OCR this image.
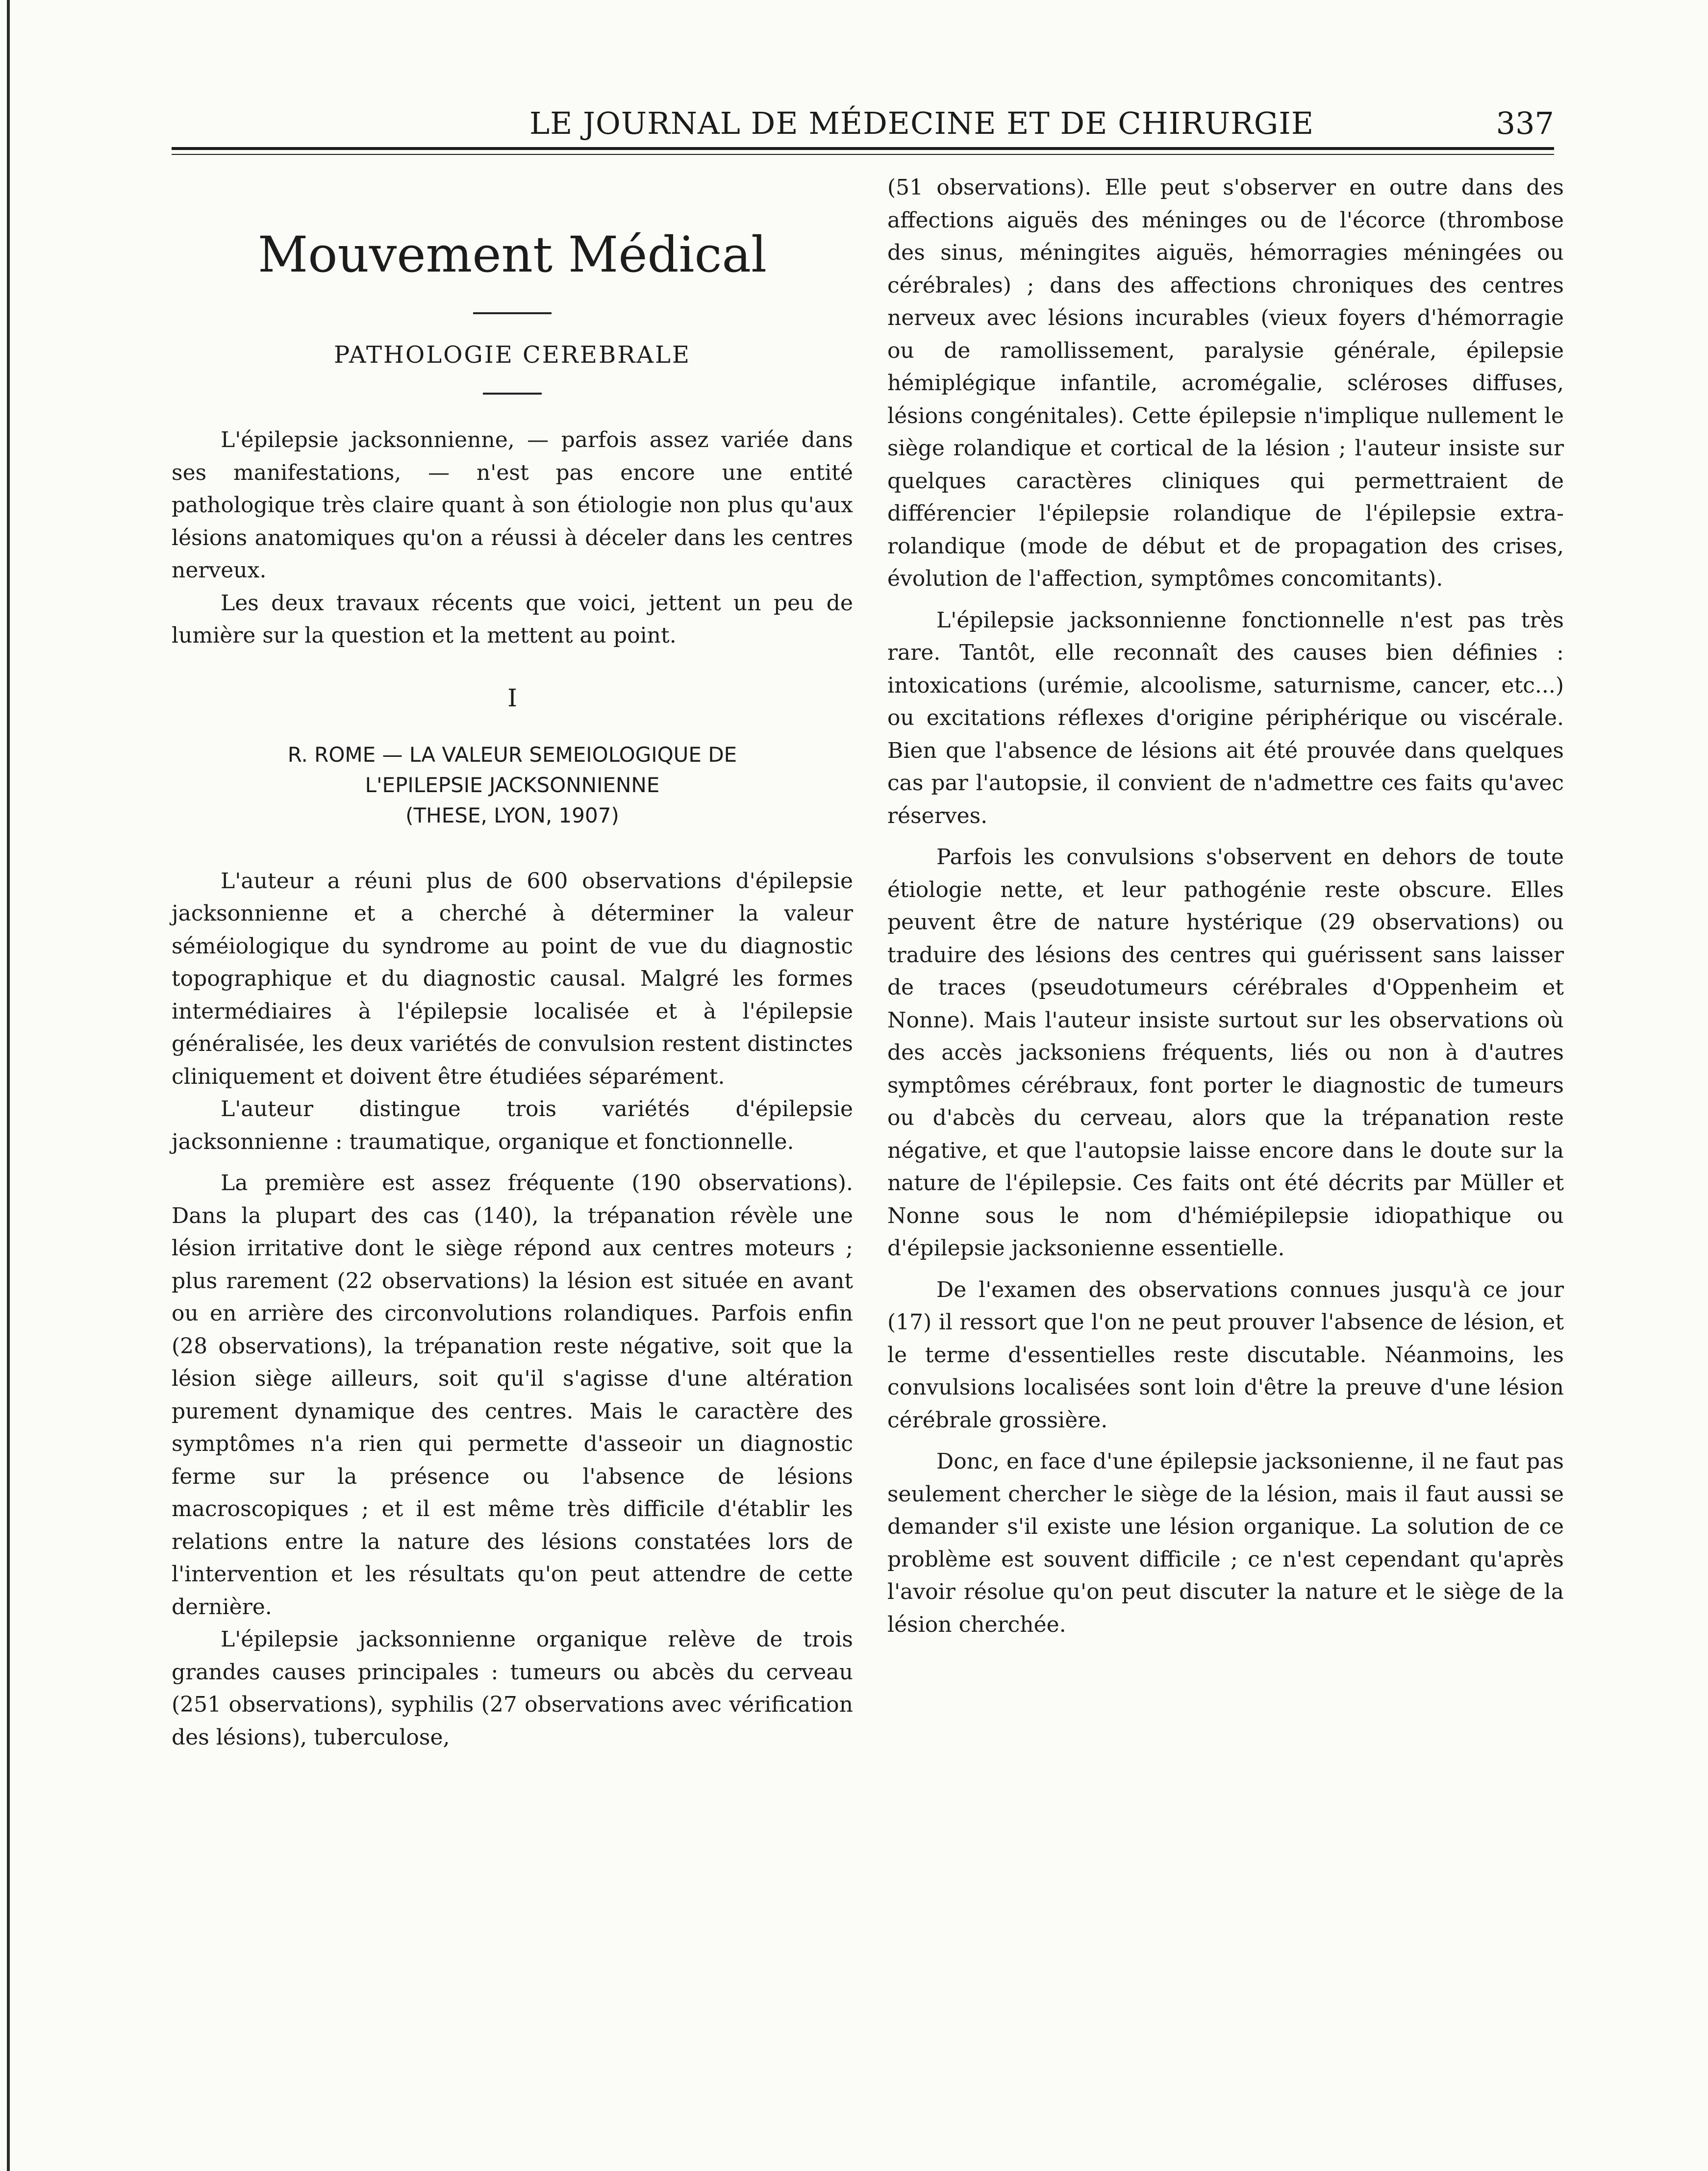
LE JOURNAL DE MÉDECINE ET DE CHIRURGIE	337
Mouvement Médical
PATHOLOGIE CEREBRALE

L'épilepsie jacksonnienne, — parfois assez variée dans ses manifestations, — n'est pas encore une entité pathologique très claire quant à son étiologie non plus qu'aux lésions anatomiques qu'on a réussi à déceler dans les centres nerveux.

Les deux travaux récents que voici, jettent un peu de lumière sur la question et la mettent au point.

I
R. ROME — LA VALEUR SEMEIOLOGIQUE DE
L'EPILEPSIE JACKSONNIENNE
(THESE, LYON, 1907)

L'auteur a réuni plus de 600 observations d'épilepsie jacksonnienne et a cherché à déterminer la valeur séméiologique du syndrome au point de vue du diagnostic topographique et du diagnostic causal. Malgré les formes intermédiaires à l'épilepsie localisée et à l'épilepsie généralisée, les deux variétés de convulsion restent distinctes cliniquement et doivent être étudiées séparément.

L'auteur distingue trois variétés d'épilepsie jacksonnienne : traumatique, organique et fonctionnelle.

La première est assez fréquente (190 observations). Dans la plupart des cas (140), la trépanation révèle une lésion irritative dont le siège répond aux centres moteurs ; plus rarement (22 observations) la lésion est située en avant ou en arrière des circonvolutions rolandiques. Parfois enfin (28 observations), la trépanation reste négative, soit que la lésion siège ailleurs, soit qu'il s'agisse d'une altération purement dynamique des centres. Mais le caractère des symptômes n'a rien qui permette d'asseoir un diagnostic ferme sur la présence ou l'absence de lésions macroscopiques ; et il est même très difficile d'établir les relations entre la nature des lésions constatées lors de l'intervention et les résultats qu'on peut attendre de cette dernière.

L'épilepsie jacksonnienne organique relève de trois grandes causes principales : tumeurs ou abcès du cerveau (251 observations), syphilis (27 observations avec vérification des lésions), tuberculose,

(51 observations). Elle peut s'observer en outre dans des affections aiguës des méninges ou de l'écorce (thrombose des sinus, méningites aiguës, hémorragies méningées ou cérébrales) ; dans des affections chroniques des centres nerveux avec lésions incurables (vieux foyers d'hémorragie ou de ramollissement, paralysie générale, épilepsie hémiplégique infantile, acromégalie, scléroses diffuses, lésions congénitales). Cette épilepsie n'implique nullement le siège rolandique et cortical de la lésion ; l'auteur insiste sur quelques caractères cliniques qui permettraient de différencier l'épilepsie rolandique de l'épilepsie extra-rolandique (mode de début et de propagation des crises, évolution de l'affection, symptômes concomitants).

L'épilepsie jacksonnienne fonctionnelle n'est pas très rare. Tantôt, elle reconnaît des causes bien définies : intoxications (urémie, alcoolisme, saturnisme, cancer, etc...) ou excitations réflexes d'origine périphérique ou viscérale. Bien que l'absence de lésions ait été prouvée dans quelques cas par l'autopsie, il convient de n'admettre ces faits qu'avec réserves.

Parfois les convulsions s'observent en dehors de toute étiologie nette, et leur pathogénie reste obscure. Elles peuvent être de nature hystérique (29 observations) ou traduire des lésions des centres qui guérissent sans laisser de traces (pseudotumeurs cérébrales d'Oppenheim et Nonne). Mais l'auteur insiste surtout sur les observations où des accès jacksoniens fréquents, liés ou non à d'autres symptômes cérébraux, font porter le diagnostic de tumeurs ou d'abcès du cerveau, alors que la trépanation reste négative, et que l'autopsie laisse encore dans le doute sur la nature de l'épilepsie. Ces faits ont été décrits par Müller et Nonne sous le nom d'hémiépilepsie idiopathique ou d'épilepsie jacksonienne essentielle.

De l'examen des observations connues jusqu'à ce jour (17) il ressort que l'on ne peut prouver l'absence de lésion, et le terme d'essentielles reste discutable. Néanmoins, les convulsions localisées sont loin d'être la preuve d'une lésion cérébrale grossière.

Donc, en face d'une épilepsie jacksonienne, il ne faut pas seulement chercher le siège de la lésion, mais il faut aussi se demander s'il existe une lésion organique. La solution de ce problème est souvent difficile ; ce n'est cependant qu'après l'avoir résolue qu'on peut discuter la nature et le siège de la lésion cherchée.
